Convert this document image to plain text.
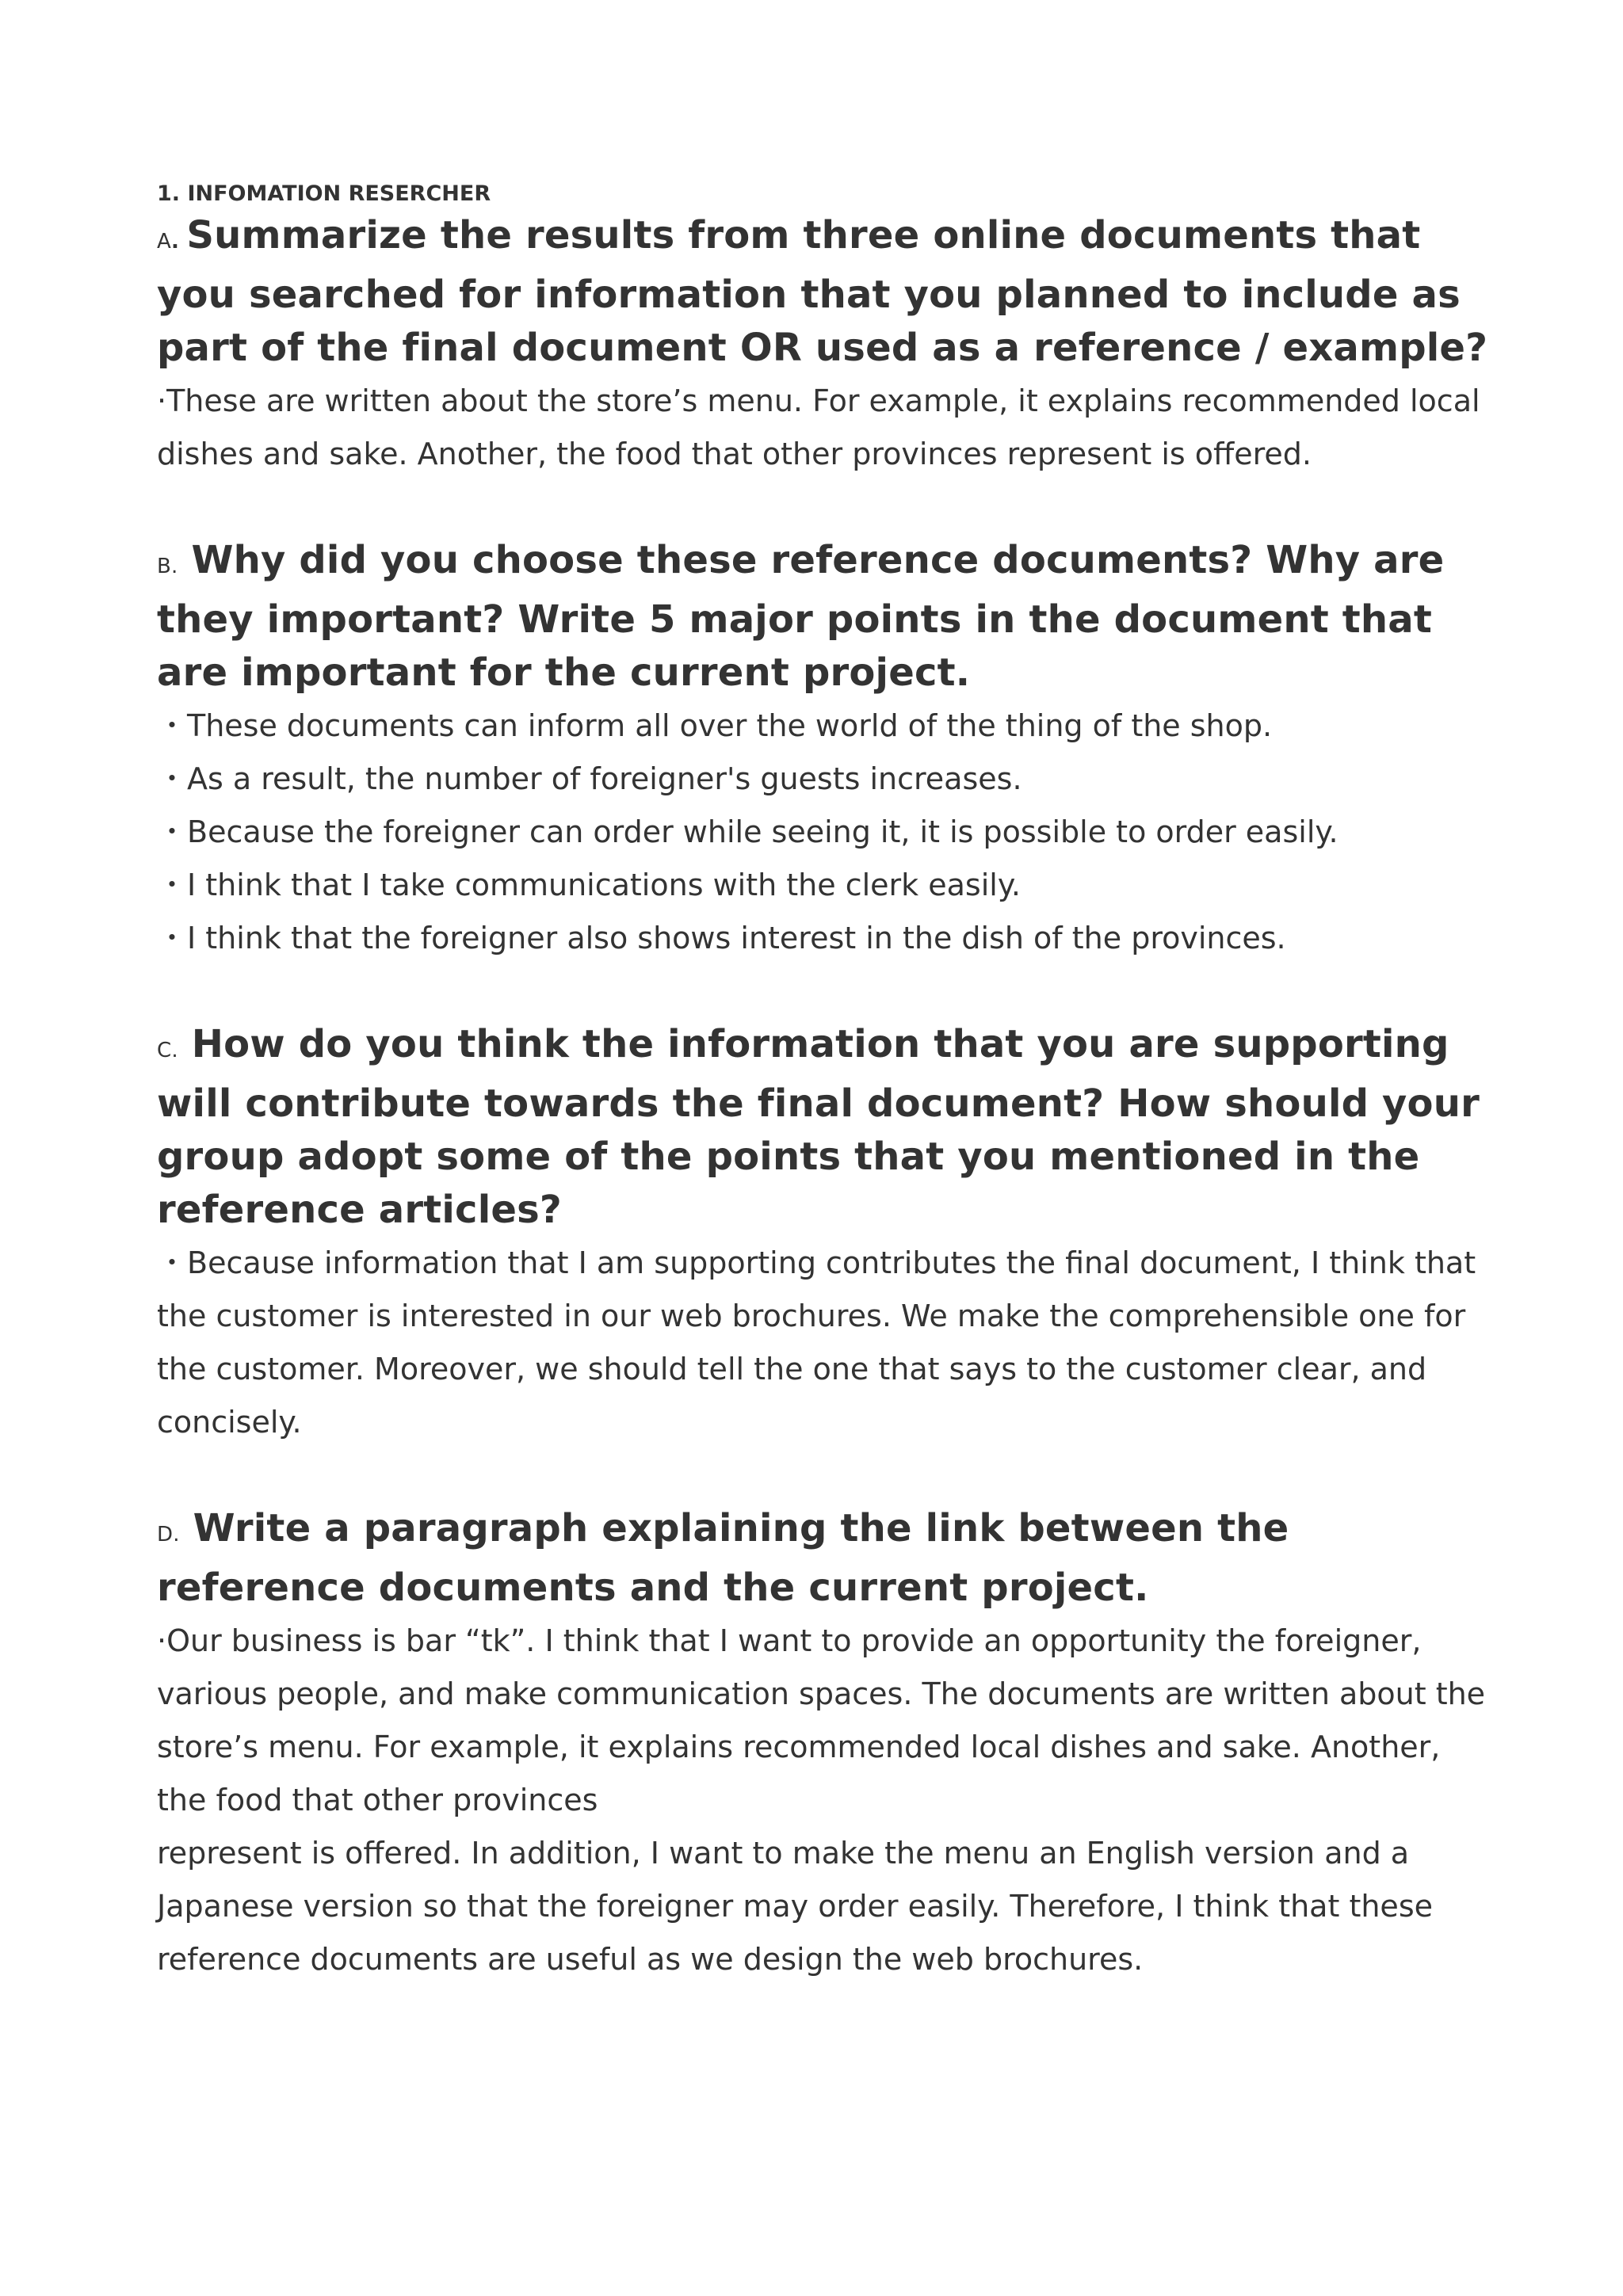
1. INFOMATION RESERCHER

A. Summarize the results from three online documents that you searched for information that you planned to include as part of the final document OR used as a reference / example?

·These are written about the store’s menu. For example, it explains recommended local dishes and sake. Another, the food that other provinces represent is offered.

B. Why did you choose these reference documents? Why are they important? Write 5 major points in the document that are important for the current project.

・These documents can inform all over the world of the thing of the shop.
・As a result, the number of foreigner's guests increases.
・Because the foreigner can order while seeing it, it is possible to order easily.
・I think that I take communications with the clerk easily.
・I think that the foreigner also shows interest in the dish of the provinces.

C. How do you think the information that you are supporting will contribute towards the final document? How should your group adopt some of the points that you mentioned in the reference articles?

・Because information that I am supporting contributes the final document, I think that the customer is interested in our web brochures. We make the comprehensible one for the customer. Moreover, we should tell the one that says to the customer clear, and concisely.

D. Write a paragraph explaining the link between the reference documents and the current project.

·Our business is bar “tk”. I think that I want to provide an opportunity the foreigner, various people, and make communication spaces. The documents are written about the store’s menu. For example, it explains recommended local dishes and sake. Another, the food that other provinces
represent is offered. In addition, I want to make the menu an English version and a Japanese version so that the foreigner may order easily. Therefore, I think that these reference documents are useful as we design the web brochures.
